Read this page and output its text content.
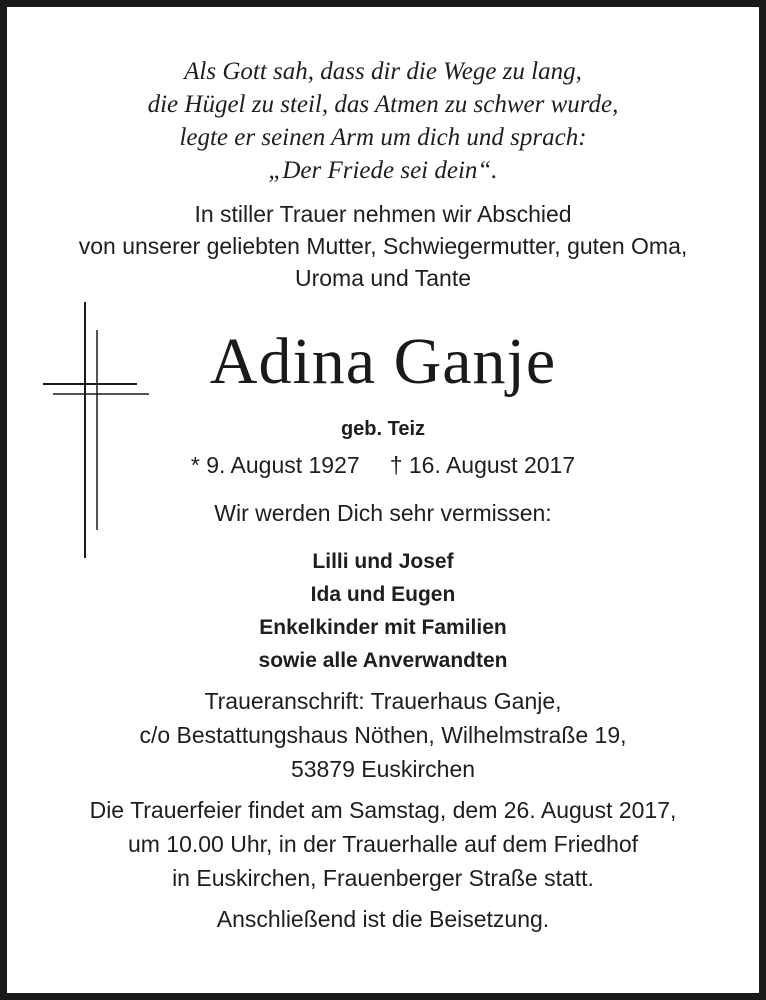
Als Gott sah, dass dir die Wege zu lang,
die Hügel zu steil, das Atmen zu schwer wurde,
legte er seinen Arm um dich und sprach:
„Der Friede sei dein“.
In stiller Trauer nehmen wir Abschied
von unserer geliebten Mutter, Schwiegermutter, guten Oma,
Uroma und Tante
Adina Ganje
geb. Teiz
* 9. August 1927 † 16. August 2017
Wir werden Dich sehr vermissen:
Lilli und Josef
Ida und Eugen
Enkelkinder mit Familien
sowie alle Anverwandten
Traueranschrift: Trauerhaus Ganje,
c/o Bestattungshaus Nöthen, Wilhelmstraße 19,
53879 Euskirchen
Die Trauerfeier findet am Samstag, dem 26. August 2017,
um 10.00 Uhr, in der Trauerhalle auf dem Friedhof
in Euskirchen, Frauenberger Straße statt.
Anschließend ist die Beisetzung.
